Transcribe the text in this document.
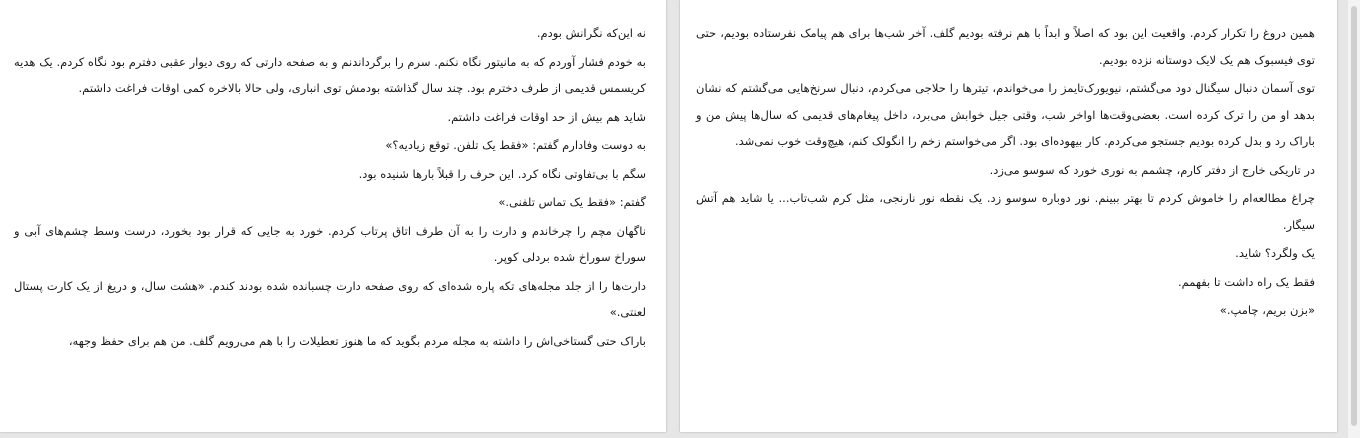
نه این‌که نگرانش بودم.

به خودم فشار آوردم که به مانیتور نگاه نکنم. سرم را برگرداندنم و به صفحه دارتی که روی دیوار عقبی دفترم بود نگاه کردم. یک هدیه کریسمس قدیمی از طرف دخترم بود. چند سال گذاشته بودمش توی انباری، ولی حالا بالاخره کمی اوقات فراغت داشتم.

شاید هم بیش از حد اوقات فراغت داشتم.

به دوست وفادارم گفتم: «فقط یک تلفن. توقع زیادیه؟»

سگم با بی‌تفاوتی نگاه کرد. این حرف را قبلاً بارها شنیده بود.

گفتم: «فقط یک تماس تلفنی.»

ناگهان مچم را چرخاندم و دارت را به آن طرف اتاق پرتاب کردم. خورد به جایی که قرار بود بخورد، درست وسط چشم‌های آبی و سوراخ سوراخ شده بردلی کوپر.

دارت‌ها را از جلد مجله‌های تکه پاره شده‌ای که روی صفحه دارت چسبانده شده بودند کندم. «هشت سال، و دریغ از یک کارت پستال لعنتی.»

باراک حتی گستاخی‌اش را داشته به مجله مردم بگوید که ما هنوز تعطیلات را با هم می‌رویم گلف. من هم برای حفظ وجهه،

همین دروغ را تکرار کردم. واقعیت این بود که اصلاً و ابداً با هم نرفته بودیم گلف. آخر شب‌ها برای هم پیامک نفرستاده بودیم، حتی توی فیسبوک هم یک لایک دوستانه نزده بودیم.

توی آسمان دنبال سیگنال دود می‌گشتم، نیویورک‌تایمز را می‌خواندم، تیترها را حلاجی می‌کردم، دنبال سرنخ‌هایی می‌گشتم که نشان بدهد او من را ترک کرده است. بعضی‌وقت‌ها اواخر شب، وقتی جیل خوابش می‌برد، داخل پیغام‌های قدیمی که سال‌ها پیش من و باراک رد و بدل کرده بودیم جستجو می‌کردم. کار بیهوده‌ای بود. اگر می‌خواستم زخم را انگولک کنم، هیچ‌وقت خوب نمی‌شد.

در تاریکی خارج از دفتر کارم، چشمم به نوری خورد که سوسو می‌زد.

چراغ مطالعه‌ام را خاموش کردم تا بهتر ببینم. نور دوباره سوسو زد. یک نقطه نور نارنجی، مثل کرم شب‌تاب... یا شاید هم آتش سیگار.

یک ولگرد؟ شاید.

فقط یک راه داشت تا بفهمم.

«بزن بریم، چامپ.»
